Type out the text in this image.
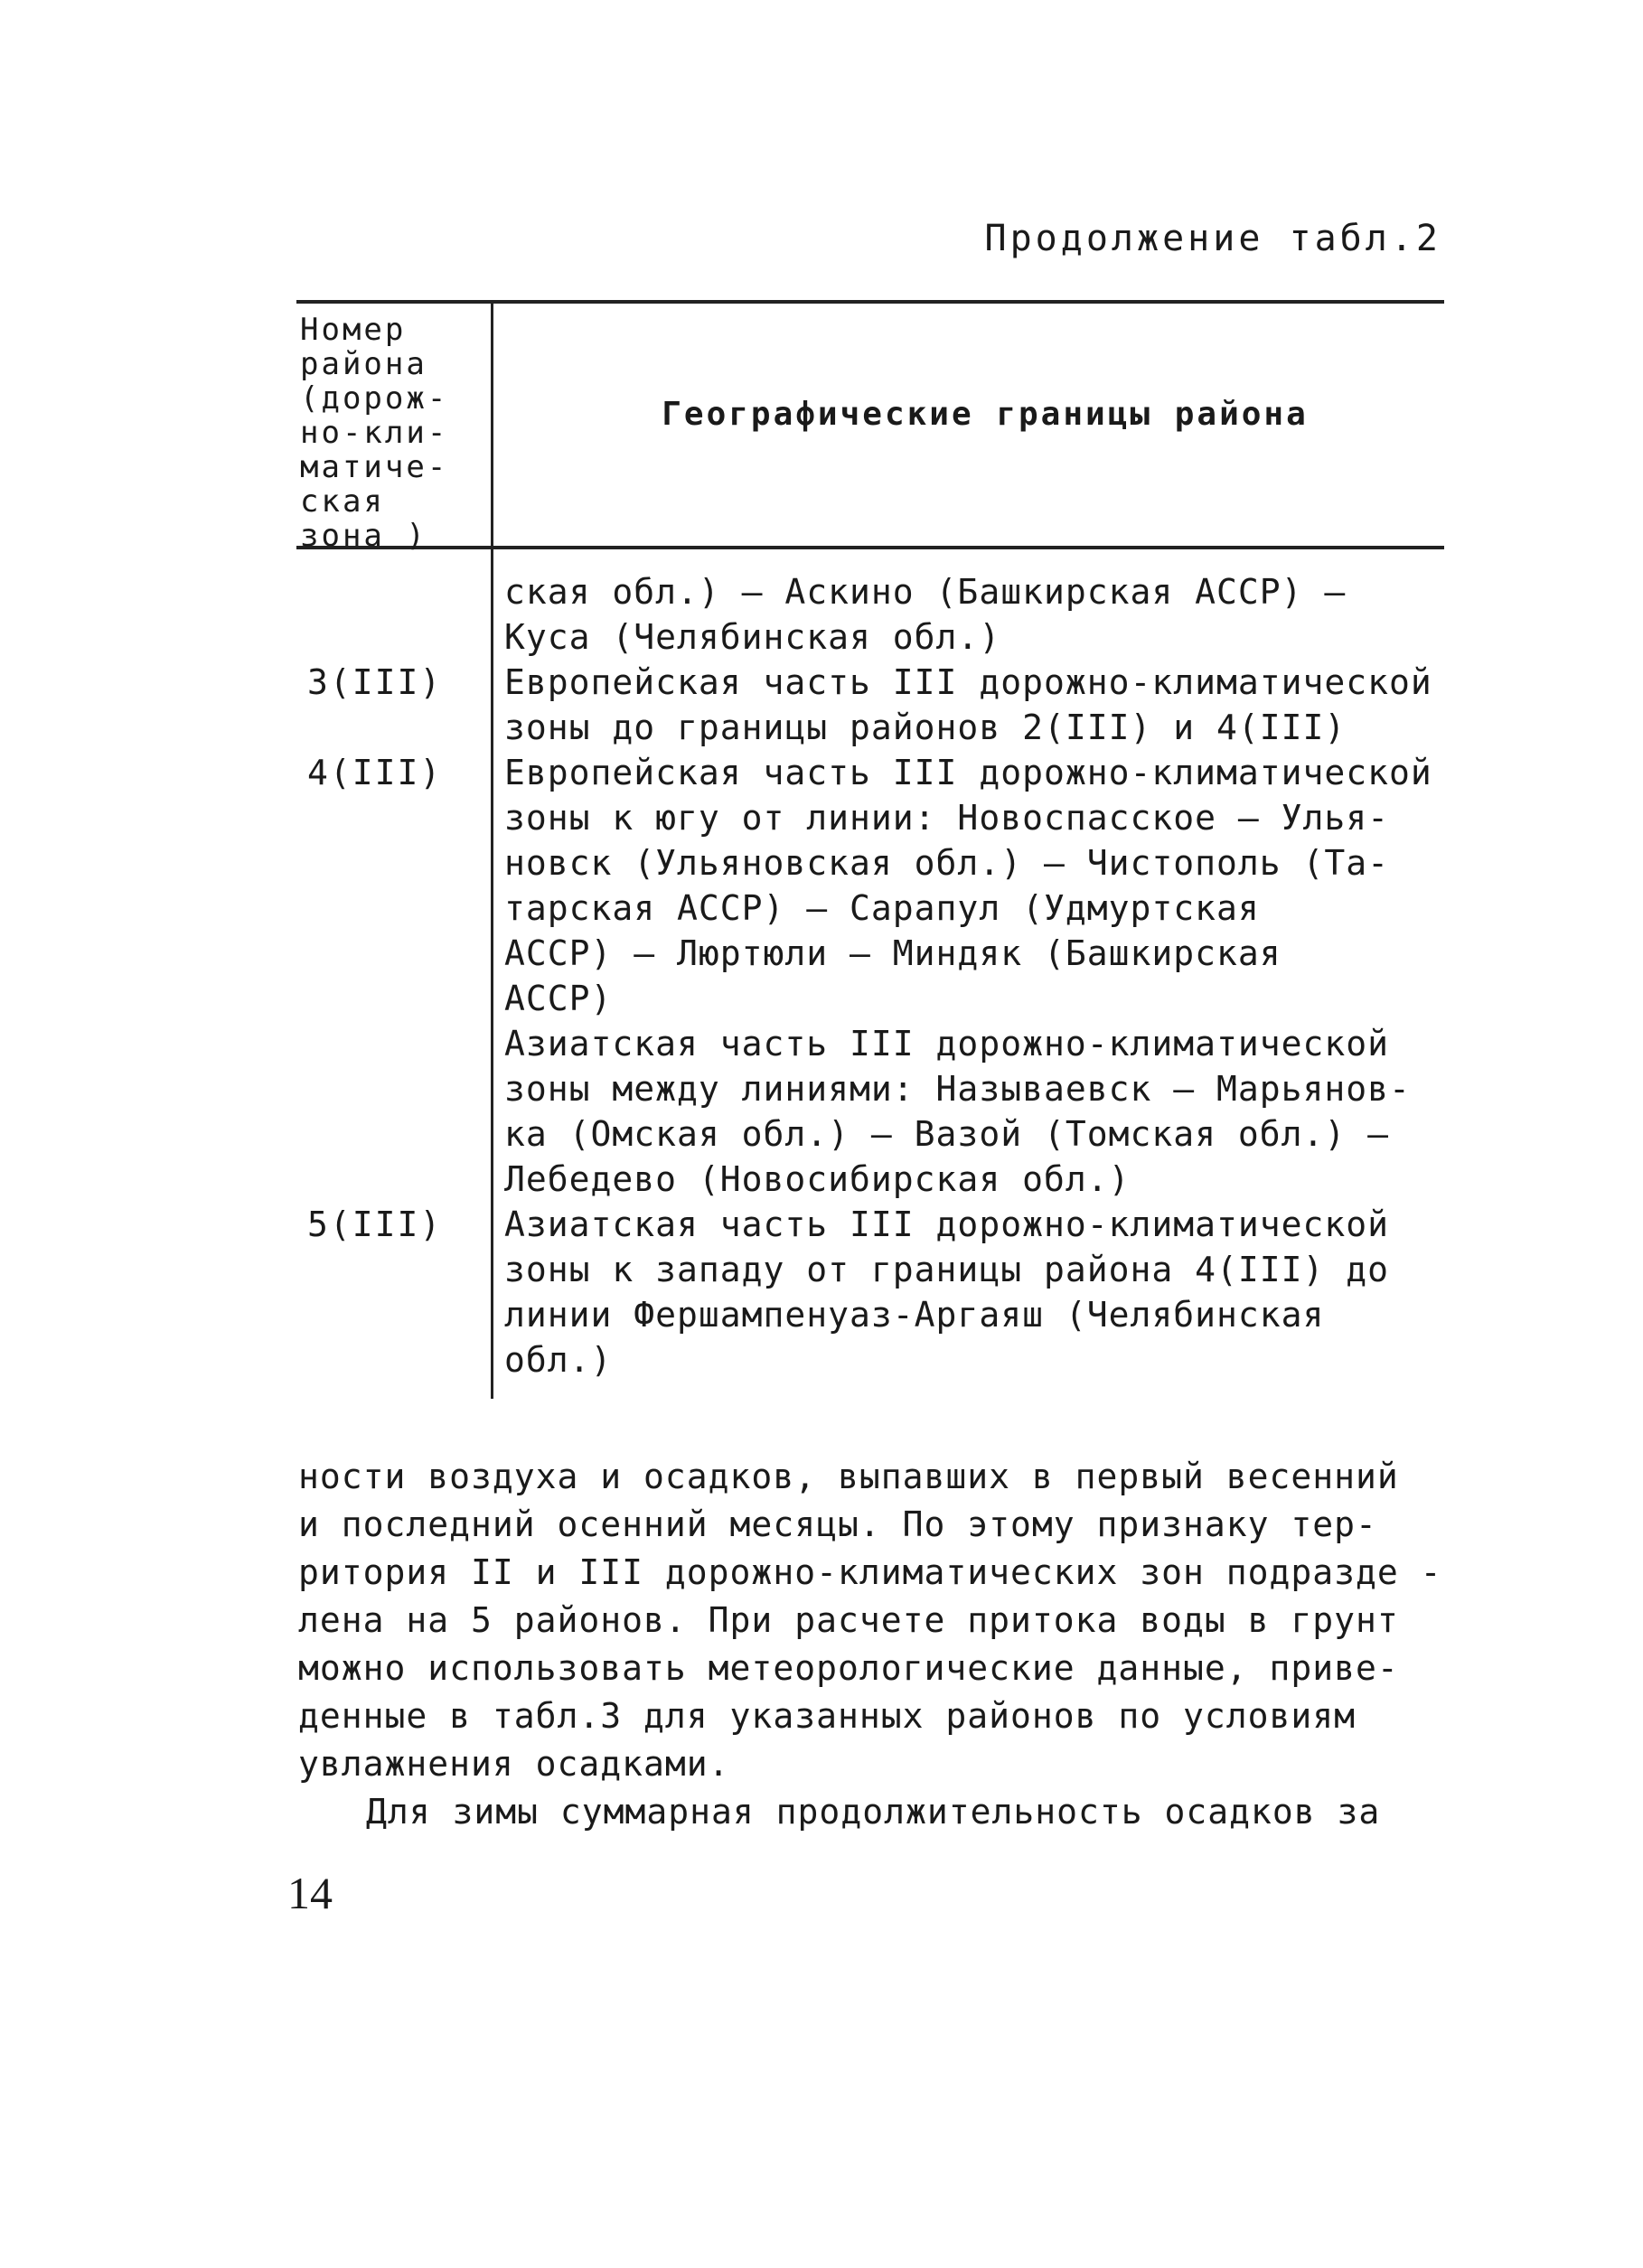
Продолжение табл.2
Номер
района
(дорож-
но-кли-
матиче-
ская
зона )
Географические границы района
ская обл.) – Аскино (Башкирская АССР) –
Куса (Челябинская обл.)
3(III) Европейская часть III дорожно-климатической
зоны до границы районов 2(III) и 4(III)
4(III) Европейская часть III дорожно-климатической
зоны к югу от линии: Новоспасское – Улья-
новск (Ульяновская обл.) – Чистополь (Та-
тарская АССР) – Сарапул (Удмуртская
АССР) – Люртюли – Миндяк (Башкирская
АССР)
Азиатская часть III дорожно-климатической
зоны между линиями: Называевск – Марьянов-
ка (Омская обл.) – Вазой (Томская обл.) –
Лебедево (Новосибирская обл.)
5(III) Азиатская часть III дорожно-климатической
зоны к западу от границы района 4(III) до
линии Фершампенуаз-Аргаяш (Челябинская
обл.)
ности воздуха и осадков, выпавших в первый весенний
и последний осенний месяцы. По этому признаку тер-
ритория II и III дорожно-климатических зон подразде -
лена на 5 районов. При расчете притока воды в грунт
можно использовать метеорологические данные, приве-
денные в табл.3 для указанных районов по условиям
увлажнения осадками.
Для зимы суммарная продолжительность осадков за
14
